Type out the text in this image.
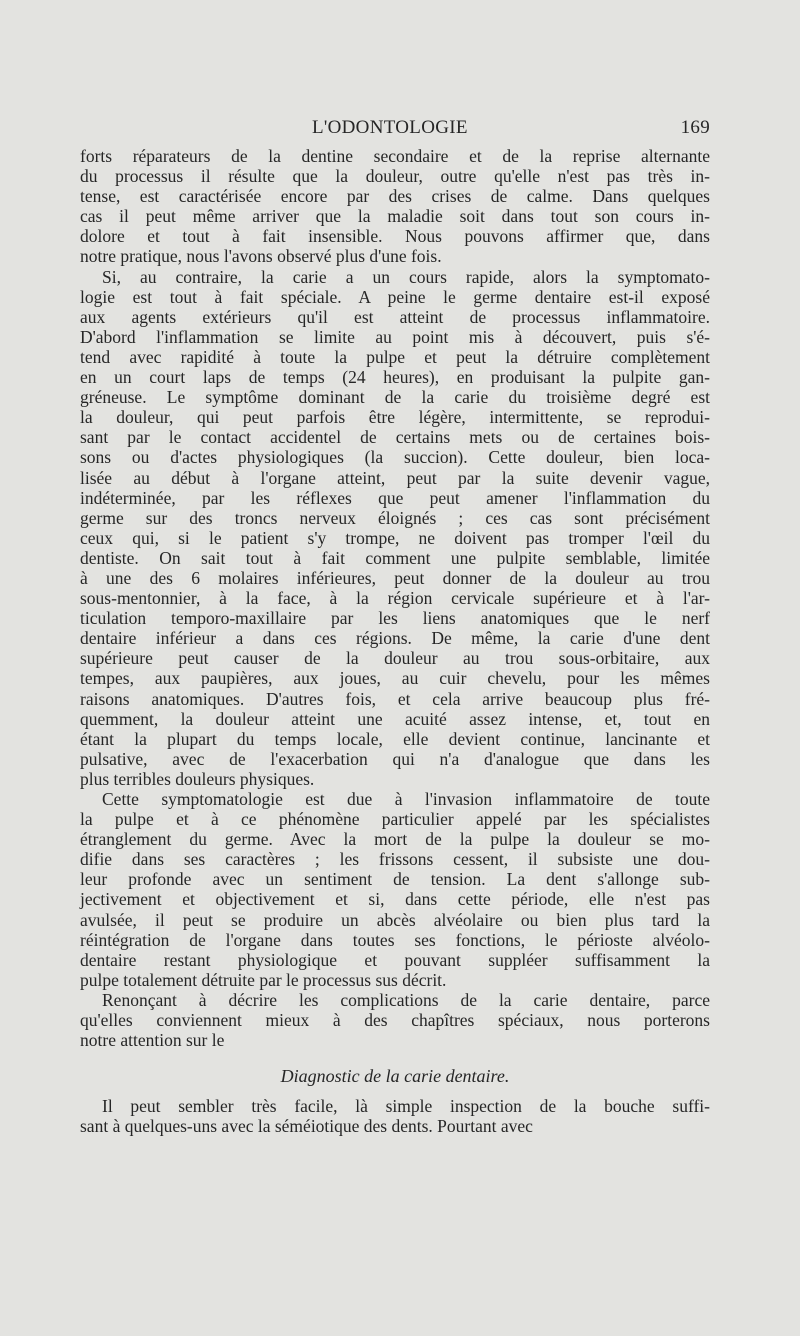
L'ODONTOLOGIE	169

forts réparateurs de la dentine secondaire et de la reprise alternante
du processus il résulte que la douleur, outre qu'elle n'est pas très in-
tense, est caractérisée encore par des crises de calme. Dans quelques
cas il peut même arriver que la maladie soit dans tout son cours in-
dolore et tout à fait insensible. Nous pouvons affirmer que, dans
notre pratique, nous l'avons observé plus d'une fois.

Si, au contraire, la carie a un cours rapide, alors la symptomato-
logie est tout à fait spéciale. A peine le germe dentaire est-il exposé
aux agents extérieurs qu'il est atteint de processus inflammatoire.
D'abord l'inflammation se limite au point mis à découvert, puis s'é-
tend avec rapidité à toute la pulpe et peut la détruire complètement
en un court laps de temps (24 heures), en produisant la pulpite gan-
gréneuse. Le symptôme dominant de la carie du troisième degré est
la douleur, qui peut parfois être légère, intermittente, se reprodui-
sant par le contact accidentel de certains mets ou de certaines bois-
sons ou d'actes physiologiques (la succion). Cette douleur, bien loca-
lisée au début à l'organe atteint, peut par la suite devenir vague,
indéterminée, par les réflexes que peut amener l'inflammation du
germe sur des troncs nerveux éloignés ; ces cas sont précisément
ceux qui, si le patient s'y trompe, ne doivent pas tromper l'œil du
dentiste. On sait tout à fait comment une pulpite semblable, limitée
à une des 6 molaires inférieures, peut donner de la douleur au trou
sous-mentonnier, à la face, à la région cervicale supérieure et à l'ar-
ticulation temporo-maxillaire par les liens anatomiques que le nerf
dentaire inférieur a dans ces régions. De même, la carie d'une dent
supérieure peut causer de la douleur au trou sous-orbitaire, aux
tempes, aux paupières, aux joues, au cuir chevelu, pour les mêmes
raisons anatomiques. D'autres fois, et cela arrive beaucoup plus fré-
quemment, la douleur atteint une acuité assez intense, et, tout en
étant la plupart du temps locale, elle devient continue, lancinante et
pulsative, avec de l'exacerbation qui n'a d'analogue que dans les
plus terribles douleurs physiques.

Cette symptomatologie est due à l'invasion inflammatoire de toute
la pulpe et à ce phénomène particulier appelé par les spécialistes
étranglement du germe. Avec la mort de la pulpe la douleur se mo-
difie dans ses caractères ; les frissons cessent, il subsiste une dou-
leur profonde avec un sentiment de tension. La dent s'allonge sub-
jectivement et objectivement et si, dans cette période, elle n'est pas
avulsée, il peut se produire un abcès alvéolaire ou bien plus tard la
réintégration de l'organe dans toutes ses fonctions, le périoste alvéolo-
dentaire restant physiologique et pouvant suppléer suffisamment la
pulpe totalement détruite par le processus sus décrit.

Renonçant à décrire les complications de la carie dentaire, parce
qu'elles conviennent mieux à des chapîtres spéciaux, nous porterons
notre attention sur le

Diagnostic de la carie dentaire.

Il peut sembler très facile, là simple inspection de la bouche suffi-
sant à quelques-uns avec la séméiotique des dents. Pourtant avec
